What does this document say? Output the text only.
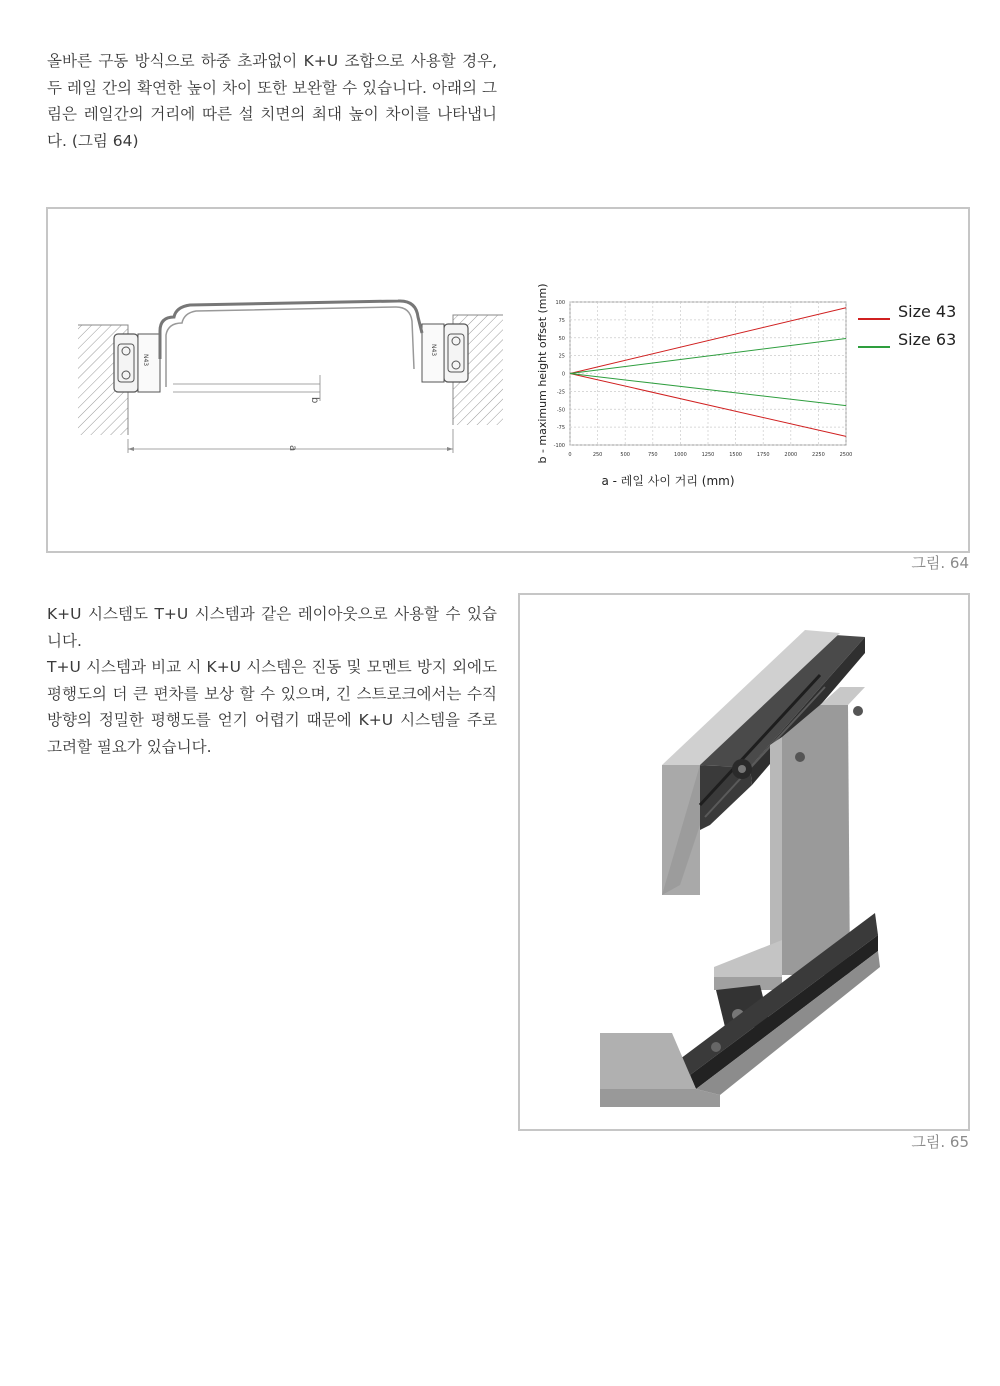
올바른 구동 방식으로 하중 초과없이 K+U 조합으로 사용할 경우,두 레일 간의 확연한 높이 차이 또한 보완할 수 있습니다. 아래의 그림은 레일간의 거리에 따른 설 치면의 최대 높이 차이를 나타냅니다. (그림 64)

N43
N43
b
a
0	250	500	750	1000	1250	1500	1750	2000	2250	2500
100
75
50
25
0
-25
-50
-75
-100
a - 레일 사이 거리 (mm)
b - maximum height offset (mm)	Size 43
Size 63
그림. 64

K+U 시스템도 T+U 시스템과 같은 레이아웃으로 사용할 수 있습니다.

T+U 시스템과 비교 시 K+U 시스템은 진동 및 모멘트 방지 외에도 평행도의 더 큰 편차를 보상 할 수 있으며, 긴 스트로크에서는 수직 방향의 정밀한 평행도를 얻기 어렵기 때문에 K+U 시스템을 주로 고려할 필요가 있습니다.

그림. 65
